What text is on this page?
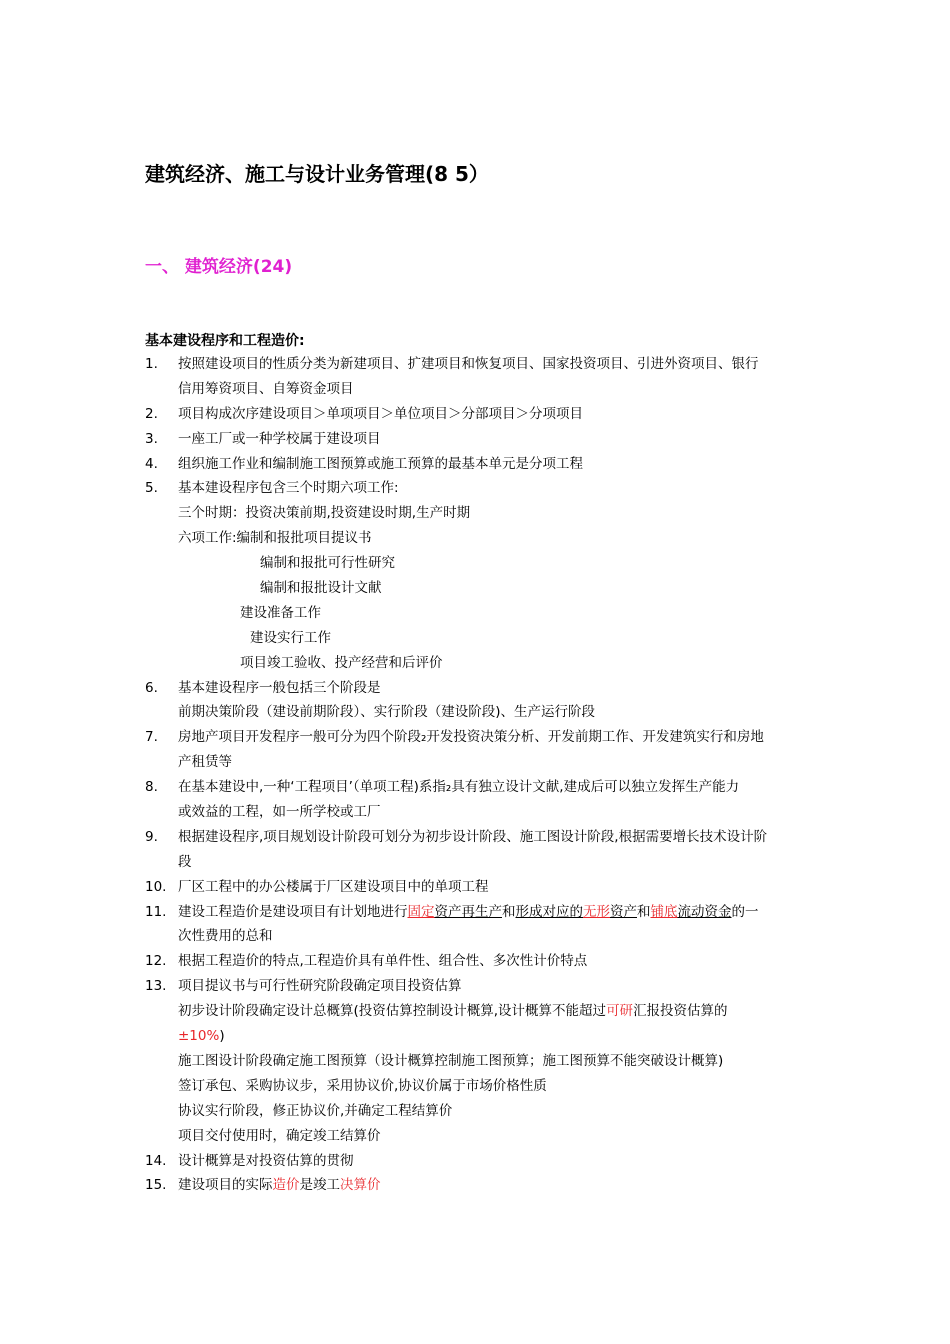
建筑经济、施工与设计业务管理(8 5）
一、 建筑经济(24)
基本建设程序和工程造价:
1. 按照建设项目的性质分类为新建项目、扩建项目和恢复项目、国家投资项目、引进外资项目、银行
信用筹资项目、自筹资金项目
2. 项目构成次序建设项目＞单项项目＞单位项目＞分部项目＞分项项目
3. 一座工厂或一种学校属于建设项目
4. 组织施工作业和编制施工图预算或施工预算的最基本单元是分项工程
5. 基本建设程序包含三个时期六项工作:
三个时期：投资决策前期,投资建设时期,生产时期
六项工作:编制和报批项目提议书
编制和报批可行性研究
编制和报批设计文献
建设准备工作
建设实行工作
项目竣工验收、投产经营和后评价
6. 基本建设程序一般包括三个阶段是
前期决策阶段（建设前期阶段）、实行阶段（建设阶段)、生产运行阶段
7. 房地产项目开发程序一般可分为四个阶段₂开发投资决策分析、开发前期工作、开发建筑实行和房地
产租赁等
8. 在基本建设中,一种‘工程项目’（单项工程)系指₂具有独立设计文献,建成后可以独立发挥生产能力
或效益的工程，如一所学校或工厂
9. 根据建设程序,项目规划设计阶段可划分为初步设计阶段、施工图设计阶段,根据需要增长技术设计阶
段
10. 厂区工程中的办公楼属于厂区建设项目中的单项工程
11. 建设工程造价是建设项目有计划地进行固定资产再生产和形成对应的无形资产和铺底流动资金的一
次性费用的总和
12. 根据工程造价的特点,工程造价具有单件性、组合性、多次性计价特点
13. 项目提议书与可行性研究阶段确定项目投资估算
初步设计阶段确定设计总概算(投资估算控制设计概算,设计概算不能超过可研汇报投资估算的
±10%)
施工图设计阶段确定施工图预算（设计概算控制施工图预算；施工图预算不能突破设计概算)
签订承包、采购协议步，采用协议价,协议价属于市场价格性质
协议实行阶段，修正协议价,并确定工程结算价
项目交付使用时，确定竣工结算价
14. 设计概算是对投资估算的贯彻
15. 建设项目的实际造价是竣工决算价
